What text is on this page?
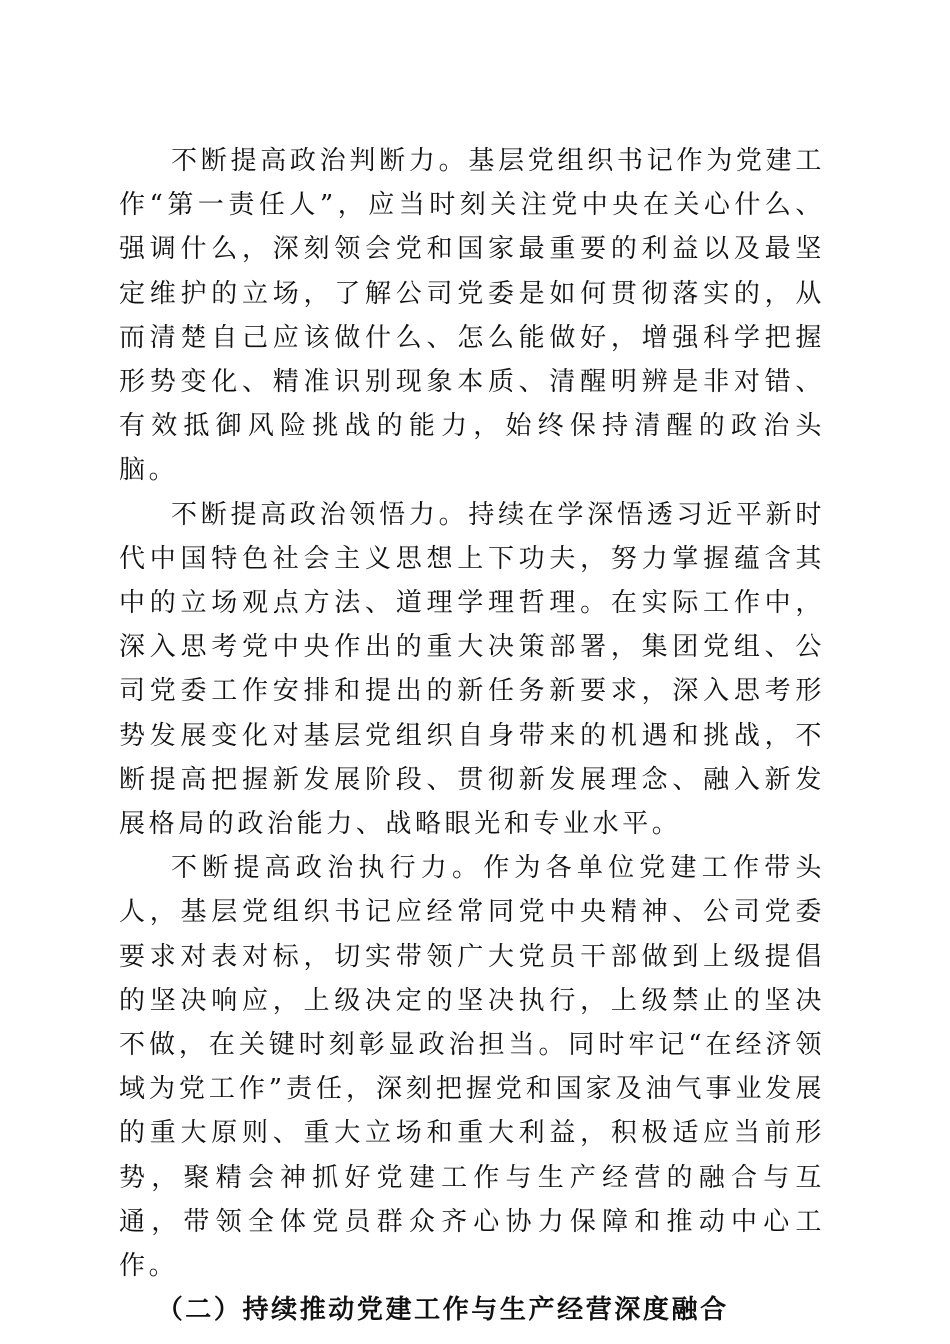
不断提高政治判断力。基层党组织书记作为党建工作“第一责任人”，应当时刻关注党中央在关心什么、强调什么，深刻领会党和国家最重要的利益以及最坚定维护的立场，了解公司党委是如何贯彻落实的，从而清楚自己应该做什么、怎么能做好，增强科学把握形势变化、精准识别现象本质、清醒明辨是非对错、有效抵御风险挑战的能力，始终保持清醒的政治头脑。

不断提高政治领悟力。持续在学深悟透习近平新时代中国特色社会主义思想上下功夫，努力掌握蕴含其中的立场观点方法、道理学理哲理。在实际工作中，深入思考党中央作出的重大决策部署，集团党组、公司党委工作安排和提出的新任务新要求，深入思考形势发展变化对基层党组织自身带来的机遇和挑战，不断提高把握新发展阶段、贯彻新发展理念、融入新发展格局的政治能力、战略眼光和专业水平。

不断提高政治执行力。作为各单位党建工作带头人，基层党组织书记应经常同党中央精神、公司党委要求对表对标，切实带领广大党员干部做到上级提倡的坚决响应，上级决定的坚决执行，上级禁止的坚决不做，在关键时刻彰显政治担当。同时牢记“在经济领域为党工作”责任，深刻把握党和国家及油气事业发展的重大原则、重大立场和重大利益，积极适应当前形势，聚精会神抓好党建工作与生产经营的融合与互通，带领全体党员群众齐心协力保障和推动中心工作。

（二）持续推动党建工作与生产经营深度融合
